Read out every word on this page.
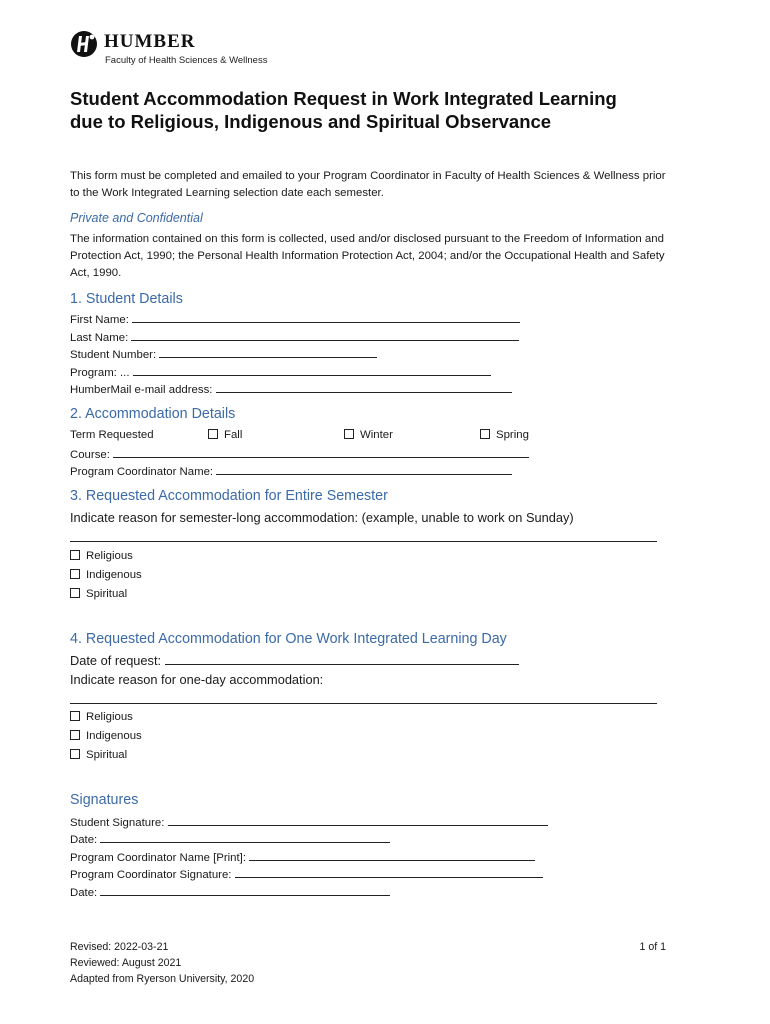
HUMBER
Faculty of Health Sciences & Wellness
Student Accommodation Request in Work Integrated Learning due to Religious, Indigenous and Spiritual Observance
This form must be completed and emailed to your Program Coordinator in Faculty of Health Sciences & Wellness prior to the Work Integrated Learning selection date each semester.
Private and Confidential
The information contained on this form is collected, used and/or disclosed pursuant to the Freedom of Information and Protection Act, 1990; the Personal Health Information Protection Act, 2004; and/or the Occupational Health and Safety Act, 1990.
1. Student Details
First Name:
Last Name:
Student Number:
Program: ...
HumberMail e-mail address:
2. Accommodation Details
Term Requested	Fall	Winter	Spring
Course:
Program Coordinator Name:
3. Requested Accommodation for Entire Semester
Indicate reason for semester-long accommodation: (example, unable to work on Sunday)
Religious
Indigenous
Spiritual
4. Requested Accommodation for One Work Integrated Learning Day
Date of request:
Indicate reason for one-day accommodation:
Religious
Indigenous
Spiritual
Signatures
Student Signature:
Date:
Program Coordinator Name [Print]:
Program Coordinator Signature:
Date:
Revised: 2022-03-21
Reviewed: August 2021
Adapted from Ryerson University, 2020
1 of 1
